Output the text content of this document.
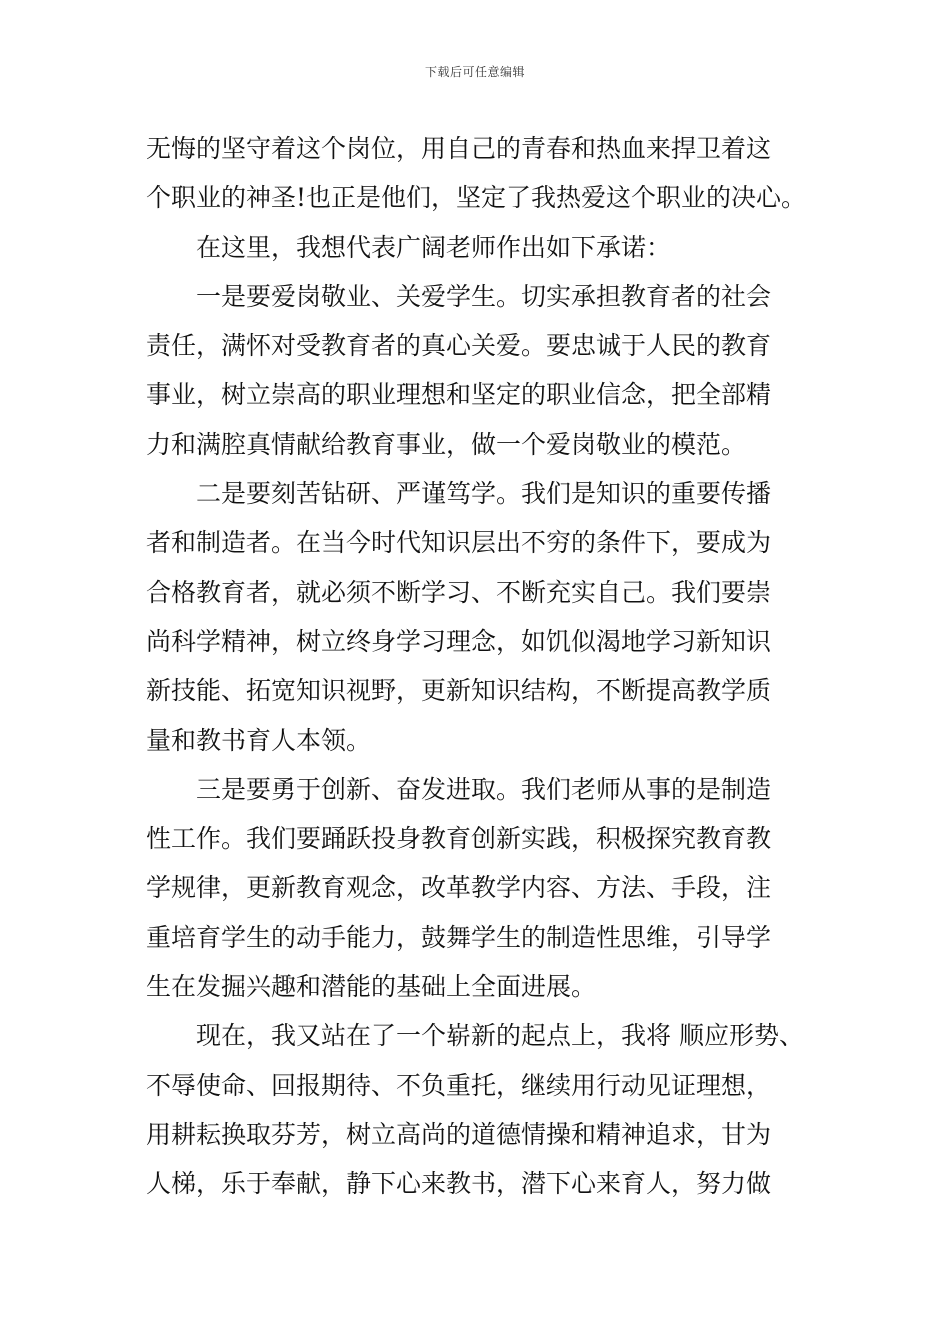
下载后可任意编辑
无悔的坚守着这个岗位，用自己的青春和热血来捍卫着这
个职业的神圣!也正是他们，坚定了我热爱这个职业的决心。
在这里，我想代表广阔老师作出如下承诺：
一是要爱岗敬业、关爱学生。切实承担教育者的社会
责任，满怀对受教育者的真心关爱。要忠诚于人民的教育
事业，树立崇高的职业理想和坚定的职业信念，把全部精
力和满腔真情献给教育事业，做一个爱岗敬业的模范。
二是要刻苦钻研、严谨笃学。我们是知识的重要传播
者和制造者。在当今时代知识层出不穷的条件下，要成为
合格教育者，就必须不断学习、不断充实自己。我们要崇
尚科学精神，树立终身学习理念，如饥似渴地学习新知识
新技能、拓宽知识视野，更新知识结构，不断提高教学质
量和教书育人本领。
三是要勇于创新、奋发进取。我们老师从事的是制造
性工作。我们要踊跃投身教育创新实践，积极探究教育教
学规律，更新教育观念，改革教学内容、方法、手段，注
重培育学生的动手能力，鼓舞学生的制造性思维，引导学
生在发掘兴趣和潜能的基础上全面进展。
现在，我又站在了一个崭新的起点上，我将 顺应形势、
不辱使命、回报期待、不负重托，继续用行动见证理想，
用耕耘换取芬芳，树立高尚的道德情操和精神追求，甘为
人梯，乐于奉献，静下心来教书，潜下心来育人，努力做
